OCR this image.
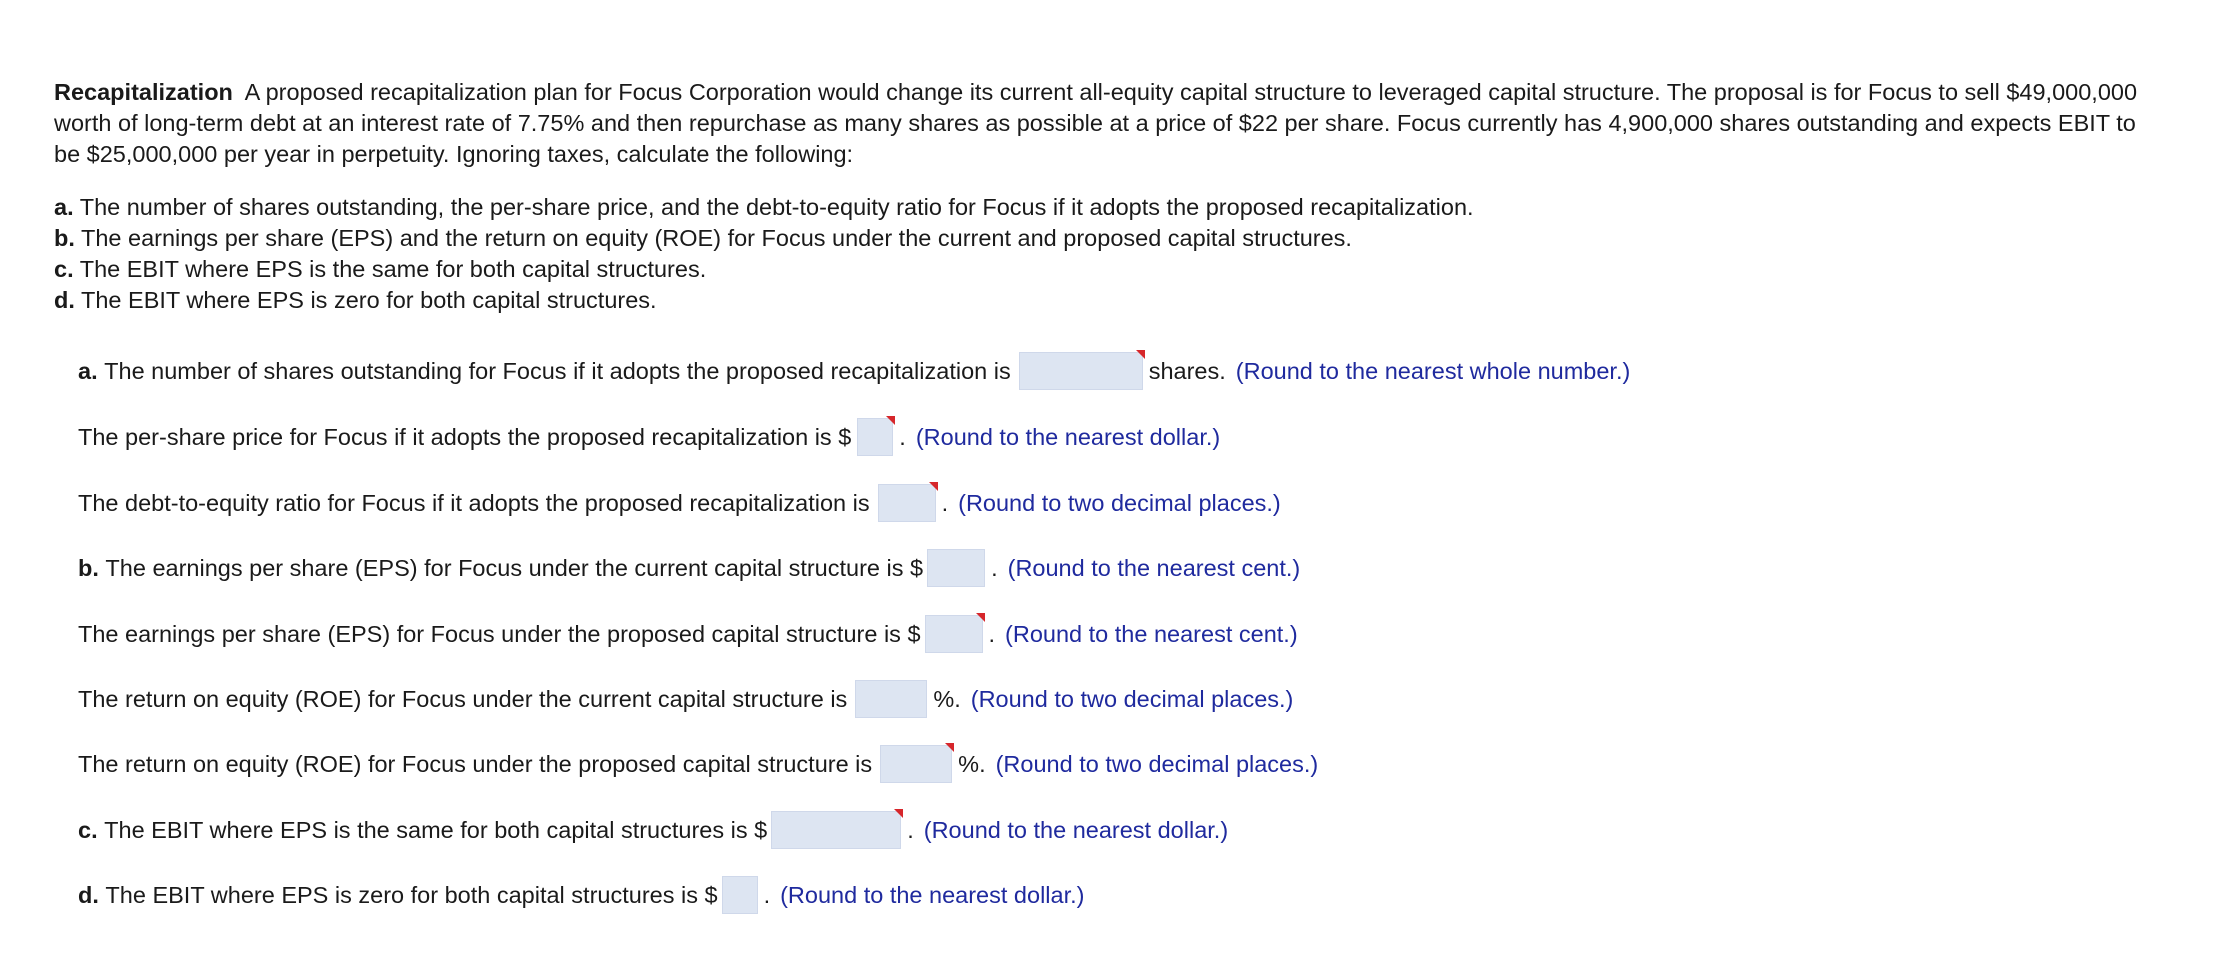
Recapitalization A proposed recapitalization plan for Focus Corporation would change its current all-equity capital structure to leveraged capital structure. The proposal is for Focus to sell $49,000,000 worth of long-term debt at an interest rate of 7.75% and then repurchase as many shares as possible at a price of $22 per share. Focus currently has 4,900,000 shares outstanding and expects EBIT to be $25,000,000 per year in perpetuity. Ignoring taxes, calculate the following:

a. The number of shares outstanding, the per-share price, and the debt-to-equity ratio for Focus if it adopts the proposed recapitalization.
b. The earnings per share (EPS) and the return on equity (ROE) for Focus under the current and proposed capital structures.
c. The EBIT where EPS is the same for both capital structures.
d. The EBIT where EPS is zero for both capital structures.
a.
The number of shares outstanding for Focus if it adopts the proposed recapitalization is	shares. (Round to the nearest whole number.)
The per-share price for Focus if it adopts the proposed recapitalization is $ . (Round to the nearest dollar.)
The debt-to-equity ratio for Focus if it adopts the proposed recapitalization is	. (Round to two decimal places.)
b.
The earnings per share (EPS) for Focus under the current capital structure is $	. (Round to the nearest cent.)
The earnings per share (EPS) for Focus under the proposed capital structure is $	. (Round to the nearest cent.)
The return on equity (ROE) for Focus under the current capital structure is	%. (Round to two decimal places.)
The return on equity (ROE) for Focus under the proposed capital structure is	%. (Round to two decimal places.)
c.
The EBIT where EPS is the same for both capital structures is $	. (Round to the nearest dollar.)
d.
The EBIT where EPS is zero for both capital structures is $ . (Round to the nearest dollar.)
